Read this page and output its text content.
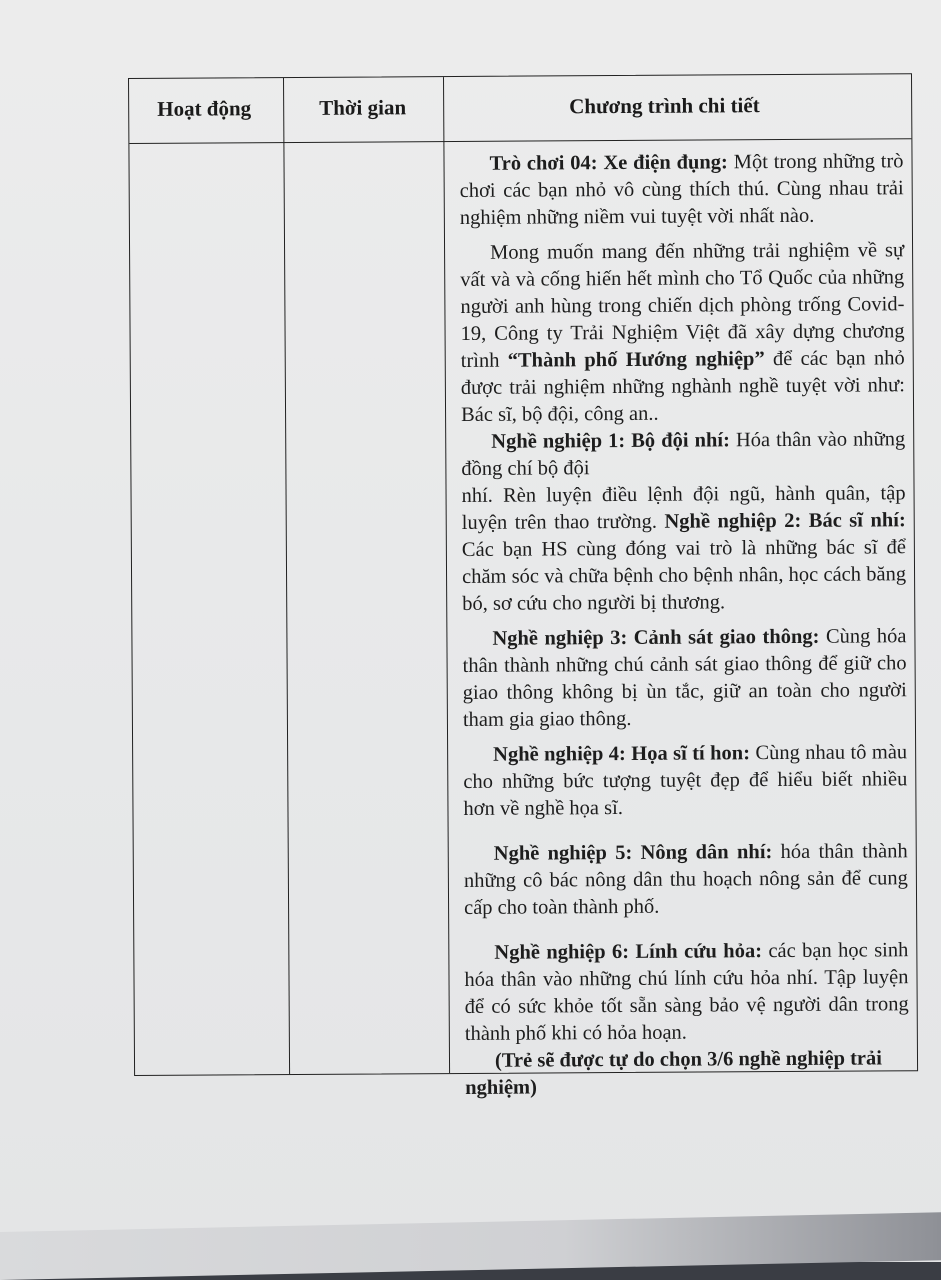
Hoạt động	Thời gian	Chương trình chi tiết

Trò chơi 04: Xe điện đụng: Một trong những trò chơi các bạn nhỏ vô cùng thích thú. Cùng nhau trải nghiệm những niềm vui tuyệt vời nhất nào.

Mong muốn mang đến những trải nghiệm về sự vất và và cống hiến hết mình cho Tổ Quốc của những người anh hùng trong chiến dịch phòng trống Covid-19, Công ty Trải Nghiệm Việt đã xây dựng chương trình “Thành phố Hướng nghiệp” để các bạn nhỏ được trải nghiệm những nghành nghề tuyệt vời như: Bác sĩ, bộ đội, công an..

Nghề nghiệp 1: Bộ đội nhí: Hóa thân vào những đồng chí bộ đội

nhí. Rèn luyện điều lệnh đội ngũ, hành quân, tập luyện trên thao trường. Nghề nghiệp 2: Bác sĩ nhí: Các bạn HS cùng đóng vai trò là những bác sĩ để chăm sóc và chữa bệnh cho bệnh nhân, học cách băng bó, sơ cứu cho người bị thương.

Nghề nghiệp 3: Cảnh sát giao thông: Cùng hóa thân thành những chú cảnh sát giao thông để giữ cho giao thông không bị ùn tắc, giữ an toàn cho người tham gia giao thông.

Nghề nghiệp 4: Họa sĩ tí hon: Cùng nhau tô màu cho những bức tượng tuyệt đẹp để hiểu biết nhiều hơn về nghề họa sĩ.

Nghề nghiệp 5: Nông dân nhí: hóa thân thành những cô bác nông dân thu hoạch nông sản để cung cấp cho toàn thành phố.

Nghề nghiệp 6: Lính cứu hỏa: các bạn học sinh hóa thân vào những chú lính cứu hỏa nhí. Tập luyện để có sức khỏe tốt sẵn sàng bảo vệ người dân trong thành phố khi có hỏa hoạn.

(Trẻ sẽ được tự do chọn 3/6 nghề nghiệp trải nghiệm)
